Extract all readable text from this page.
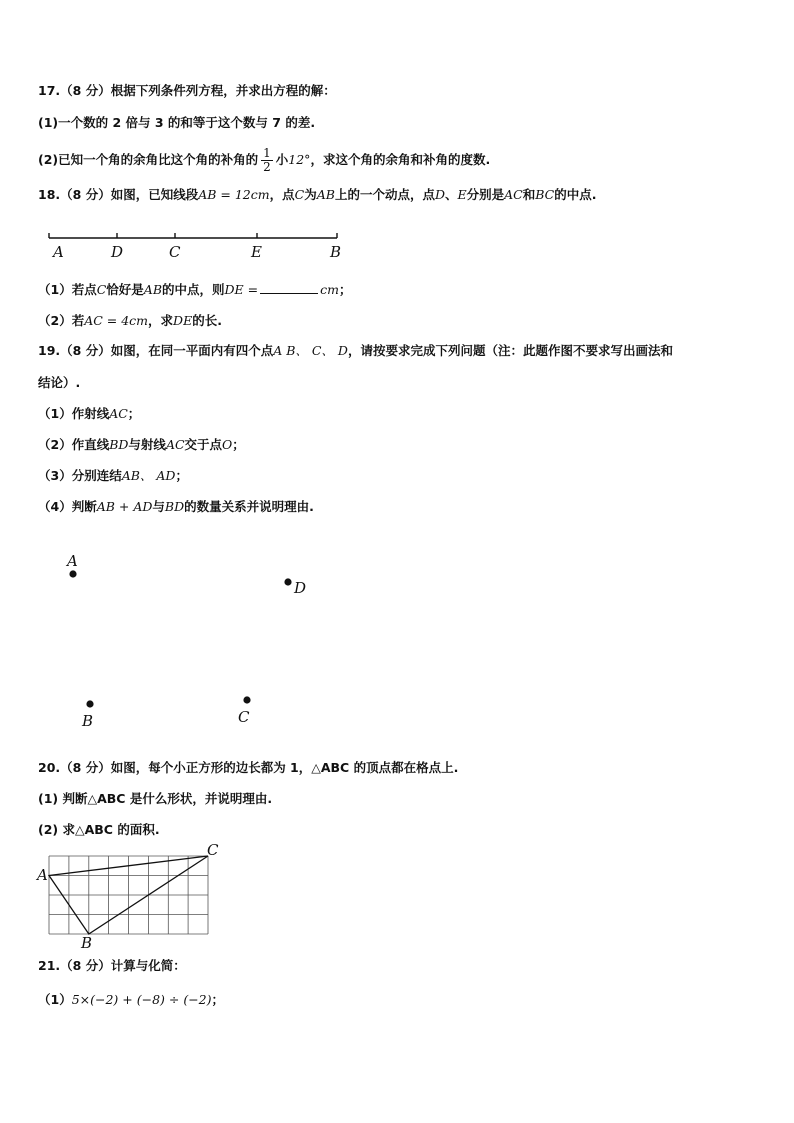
17.（8 分）根据下列条件列方程，并求出方程的解：
(1)一个数的 2 倍与 3 的和等于这个数与 7 的差.
(2)已知一个角的余角比这个角的补角的 $\frac{1}{2}$ 小12°，求这个角的余角和补角的度数.
18.（8 分）如图，已知线段AB = 12cm，点C为AB上的一个动点，点D、E分别是AC和BC的中点.
A	D	C	E	B
（1）若点C恰好是AB的中点，则DE =	cm；
（2）若AC = 4cm，求DE的长.
19.（8 分）如图，在同一平面内有四个点A B、 C、 D，请按要求完成下列问题（注：此题作图不要求写出画法和
结论）.
（1）作射线AC；
（2）作直线BD与射线AC交于点O；
（3）分别连结AB、 AD；
（4）判断AB + AD与BD的数量关系并说明理由.
A
D
B	C
20.（8 分）如图，每个小正方形的边长都为 1，△ABC 的顶点都在格点上.
(1) 判断△ABC 是什么形状，并说明理由.
(2) 求△ABC 的面积.
A
B
C
21.（8 分）计算与化简：
（1）5×(−2) + (−8) ÷ (−2)；
